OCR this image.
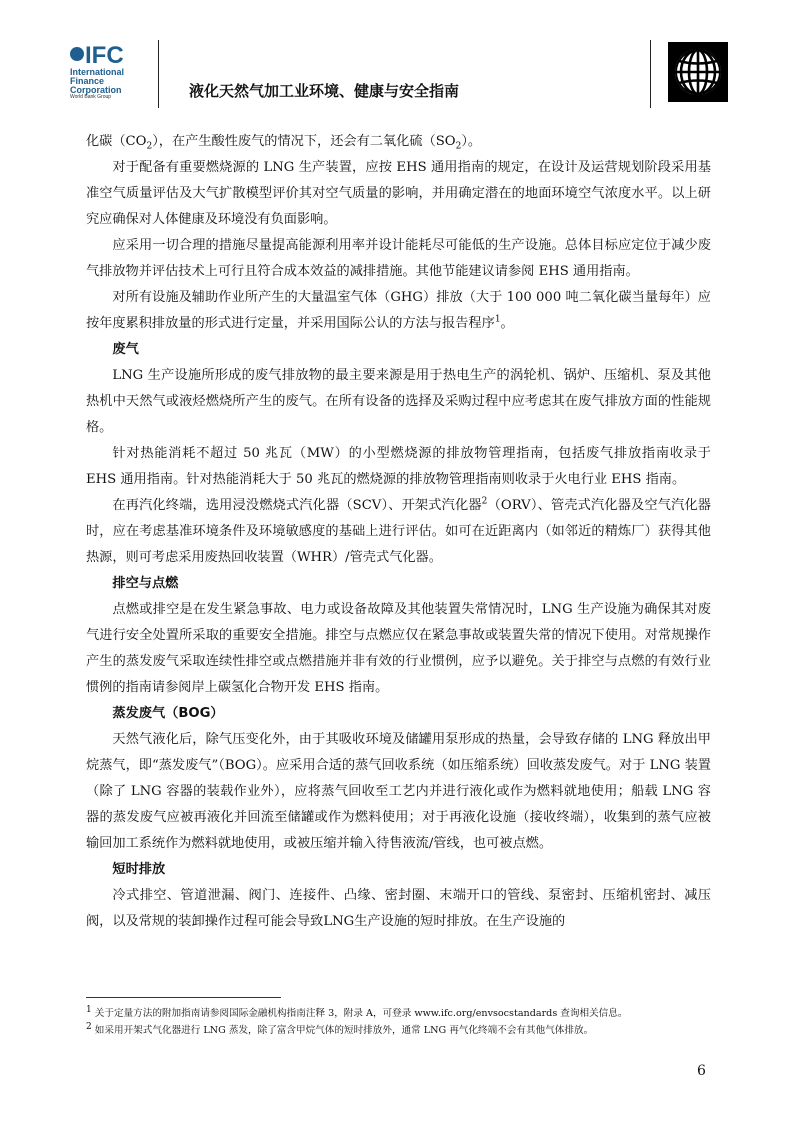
IFC
International
Finance
Corporation
World Bank Group	液化天然气加工业环境、健康与安全指南

化碳$(CO_2)$，在产生酸性废气的情况下，还会有二氧化硫$(SO_2)$。

对于配备有重要燃烧源的 LNG 生产装置，应按 EHS 通用指南的规定，在设计及运营规划阶段采用基准空气质量评估及大气扩散模型评价其对空气质量的影响，并用确定潜在的地面环境空气浓度水平。以上研究应确保对人体健康及环境没有负面影响。

应采用一切合理的措施尽量提高能源利用率并设计能耗尽可能低的生产设施。总体目标应定位于减少废气排放物并评估技术上可行且符合成本效益的减排措施。其他节能建议请参阅 EHS 通用指南。

对所有设施及辅助作业所产生的大量温室气体（GHG）排放（大于 100 000 吨二氧化碳当量每年）应按年度累积排放量的形式进行定量，并采用国际公认的方法与报告程序$^1$。

废气

LNG 生产设施所形成的废气排放物的最主要来源是用于热电生产的涡轮机、锅炉、压缩机、泵及其他热机中天然气或液烃燃烧所产生的废气。在所有设备的选择及采购过程中应考虑其在废气排放方面的性能规格。

针对热能消耗不超过 50 兆瓦（MW）的小型燃烧源的排放物管理指南，包括废气排放指南收录于 EHS 通用指南。针对热能消耗大于 50 兆瓦的燃烧源的排放物管理指南则收录于火电行业 EHS 指南。

在再汽化终端，选用浸没燃烧式汽化器（SCV）、开架式汽化器$^2$（ORV）、管壳式汽化器及空气汽化器时，应在考虑基准环境条件及环境敏感度的基础上进行评估。如可在近距离内（如邻近的精炼厂）获得其他热源，则可考虑采用废热回收装置（WHR）/管壳式气化器。

排空与点燃

点燃或排空是在发生紧急事故、电力或设备故障及其他装置失常情况时，LNG 生产设施为确保其对废气进行安全处置所采取的重要安全措施。排空与点燃应仅在紧急事故或装置失常的情况下使用。对常规操作产生的蒸发废气采取连续性排空或点燃措施并非有效的行业惯例，应予以避免。关于排空与点燃的有效行业惯例的指南请参阅岸上碳氢化合物开发 EHS 指南。

蒸发废气（BOG）

天然气液化后，除气压变化外，由于其吸收环境及储罐用泵形成的热量，会导致存储的 LNG 释放出甲烷蒸气，即“蒸发废气”（BOG）。应采用合适的蒸气回收系统（如压缩系统）回收蒸发废气。对于 LNG 装置（除了 LNG 容器的装载作业外），应将蒸气回收至工艺内并进行液化或作为燃料就地使用；船载 LNG 容器的蒸发废气应被再液化并回流至储罐或作为燃料使用；对于再液化设施（接收终端），收集到的蒸气应被输回加工系统作为燃料就地使用，或被压缩并输入待售液流/管线，也可被点燃。

短时排放

冷式排空、管道泄漏、阀门、连接件、凸缘、密封圈、末端开口的管线、泵密封、压缩机密封、减压阀，以及常规的装卸操作过程可能会导致LNG生产设施的短时排放。在生产设施的

$^1$ 关于定量方法的附加指南请参阅国际金融机构指南注释 3，附录 A，可登录 www.ifc.org/envsocstandards 查询相关信息。
$^2$ 如采用开架式气化器进行 LNG 蒸发，除了富含甲烷气体的短时排放外，通常 LNG 再气化终端不会有其他气体排放。
6
